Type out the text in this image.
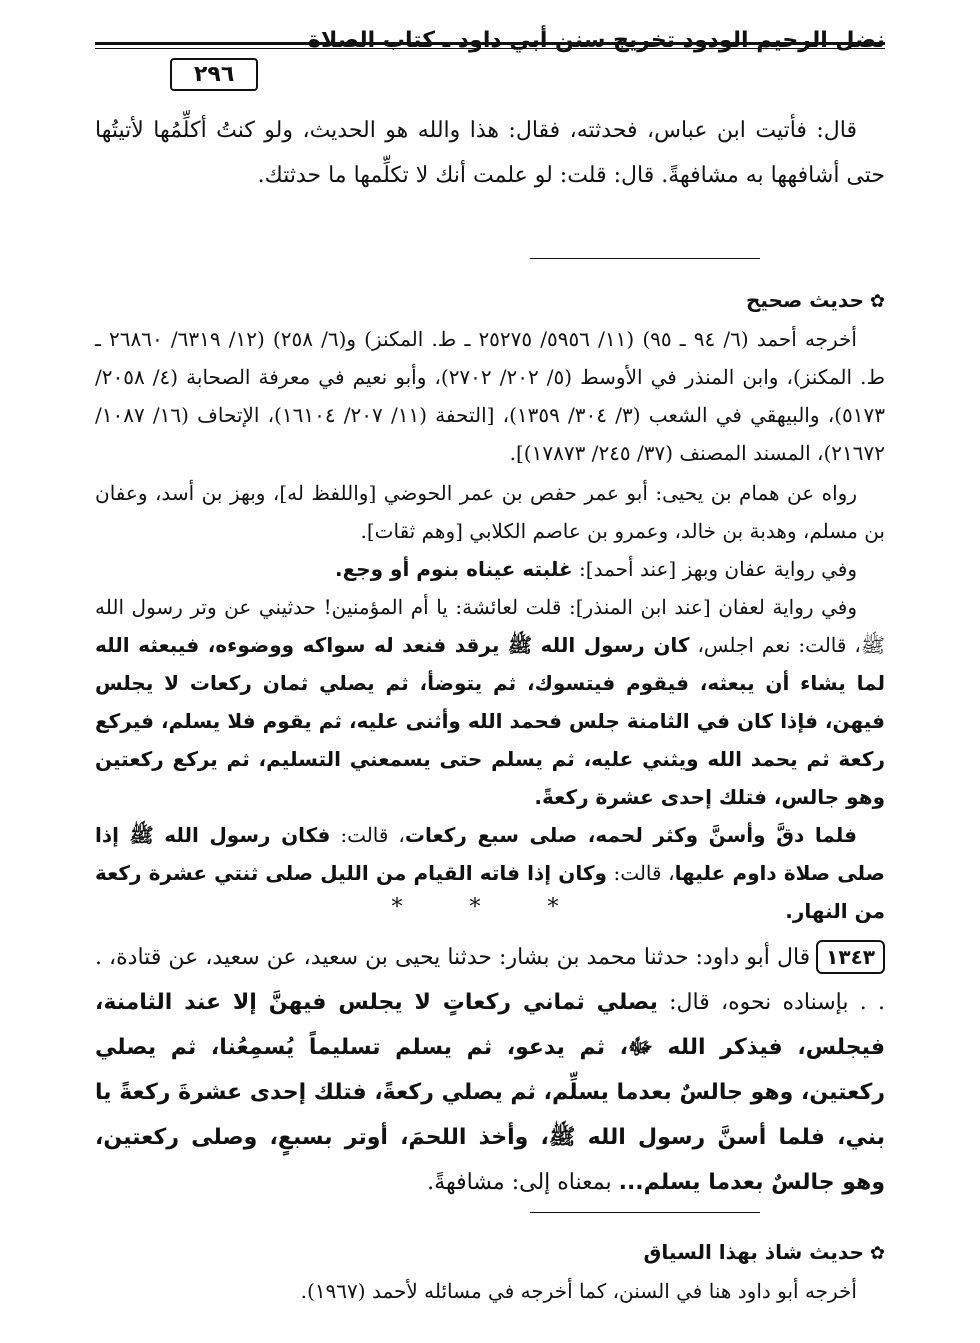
نضل الرحيم الودود تخريج سنن أبي داود ـ كتاب الصلاة
٢٩٦

قال: فأتيت ابن عباس، فحدثته، فقال: هذا والله هو الحديث، ولو كنتُ أكلِّمُها لأتيتُها حتى أشافهها به مشافهةً. قال: قلت: لو علمت أنك لا تكلِّمها ما حدثتك.

✿حديث صحيح

أخرجه أحمد (٦/ ٩٤ ـ ٩٥) (١١/ ٥٩٥٦/ ٢٥٢٧٥ ـ ط. المكنز) و(٦/ ٢٥٨) (١٢/ ٦٣١٩/ ٢٦٨٦٠ ـ ط. المكنز)، وابن المنذر في الأوسط (٥/ ٢٠٢/ ٢٧٠٢)، وأبو نعيم في معرفة الصحابة (٤/ ٢٠٥٨/ ٥١٧٣)، والبيهقي في الشعب (٣/ ٣٠٤/ ١٣٥٩)، [التحفة (١١/ ٢٠٧/ ١٦١٠٤)، الإتحاف (١٦/ ١٠٨٧/ ٢١٦٧٢)، المسند المصنف (٣٧/ ٢٤٥/ ١٧٨٧٣)].

رواه عن همام بن يحيى: أبو عمر حفص بن عمر الحوضي [واللفظ له]، وبهز بن أسد، وعفان بن مسلم، وهدبة بن خالد، وعمرو بن عاصم الكلابي [وهم ثقات].

وفي رواية عفان وبهز [عند أحمد]: غلبته عيناه بنوم أو وجع.

وفي رواية لعفان [عند ابن المنذر]: قلت لعائشة: يا أم المؤمنين! حدثيني عن وتر رسول الله ﷺ، قالت: نعم اجلس، كان رسول الله ﷺ يرقد فنعد له سواكه ووضوءه، فيبعثه الله لما يشاء أن يبعثه، فيقوم فيتسوك، ثم يتوضأ، ثم يصلي ثمان ركعات لا يجلس فيهن، فإذا كان في الثامنة جلس فحمد الله وأثنى عليه، ثم يقوم فلا يسلم، فيركع ركعة ثم يحمد الله ويثني عليه، ثم يسلم حتى يسمعني التسليم، ثم يركع ركعتين وهو جالس، فتلك إحدى عشرة ركعةً.

فلما دقَّ وأسنَّ وكثر لحمه، صلى سبع ركعات، قالت: فكان رسول الله ﷺ إذا صلى صلاة داوم عليها، قالت: وكان إذا فاته القيام من الليل صلى ثنتي عشرة ركعة من النهار.

* * *

١٣٤٣قال أبو داود: حدثنا محمد بن بشار: حدثنا يحيى بن سعيد، عن سعيد، عن قتادة، . . . بإسناده نحوه، قال: يصلي ثماني ركعاتٍ لا يجلس فيهنَّ إلا عند الثامنة، فيجلس، فيذكر الله ﷻ، ثم يدعو، ثم يسلم تسليماً يُسمِعُنا، ثم يصلي ركعتين، وهو جالسٌ بعدما يسلِّم، ثم يصلي ركعةً، فتلك إحدى عشرةَ ركعةً يا بني، فلما أسنَّ رسول الله ﷺ، وأخذ اللحمَ، أوتر بسبعٍ، وصلى ركعتين، وهو جالسٌ بعدما يسلم... بمعناه إلى: مشافهةً.

✿حديث شاذ بهذا السياق

أخرجه أبو داود هنا في السنن، كما أخرجه في مسائله لأحمد (١٩٦٧).
